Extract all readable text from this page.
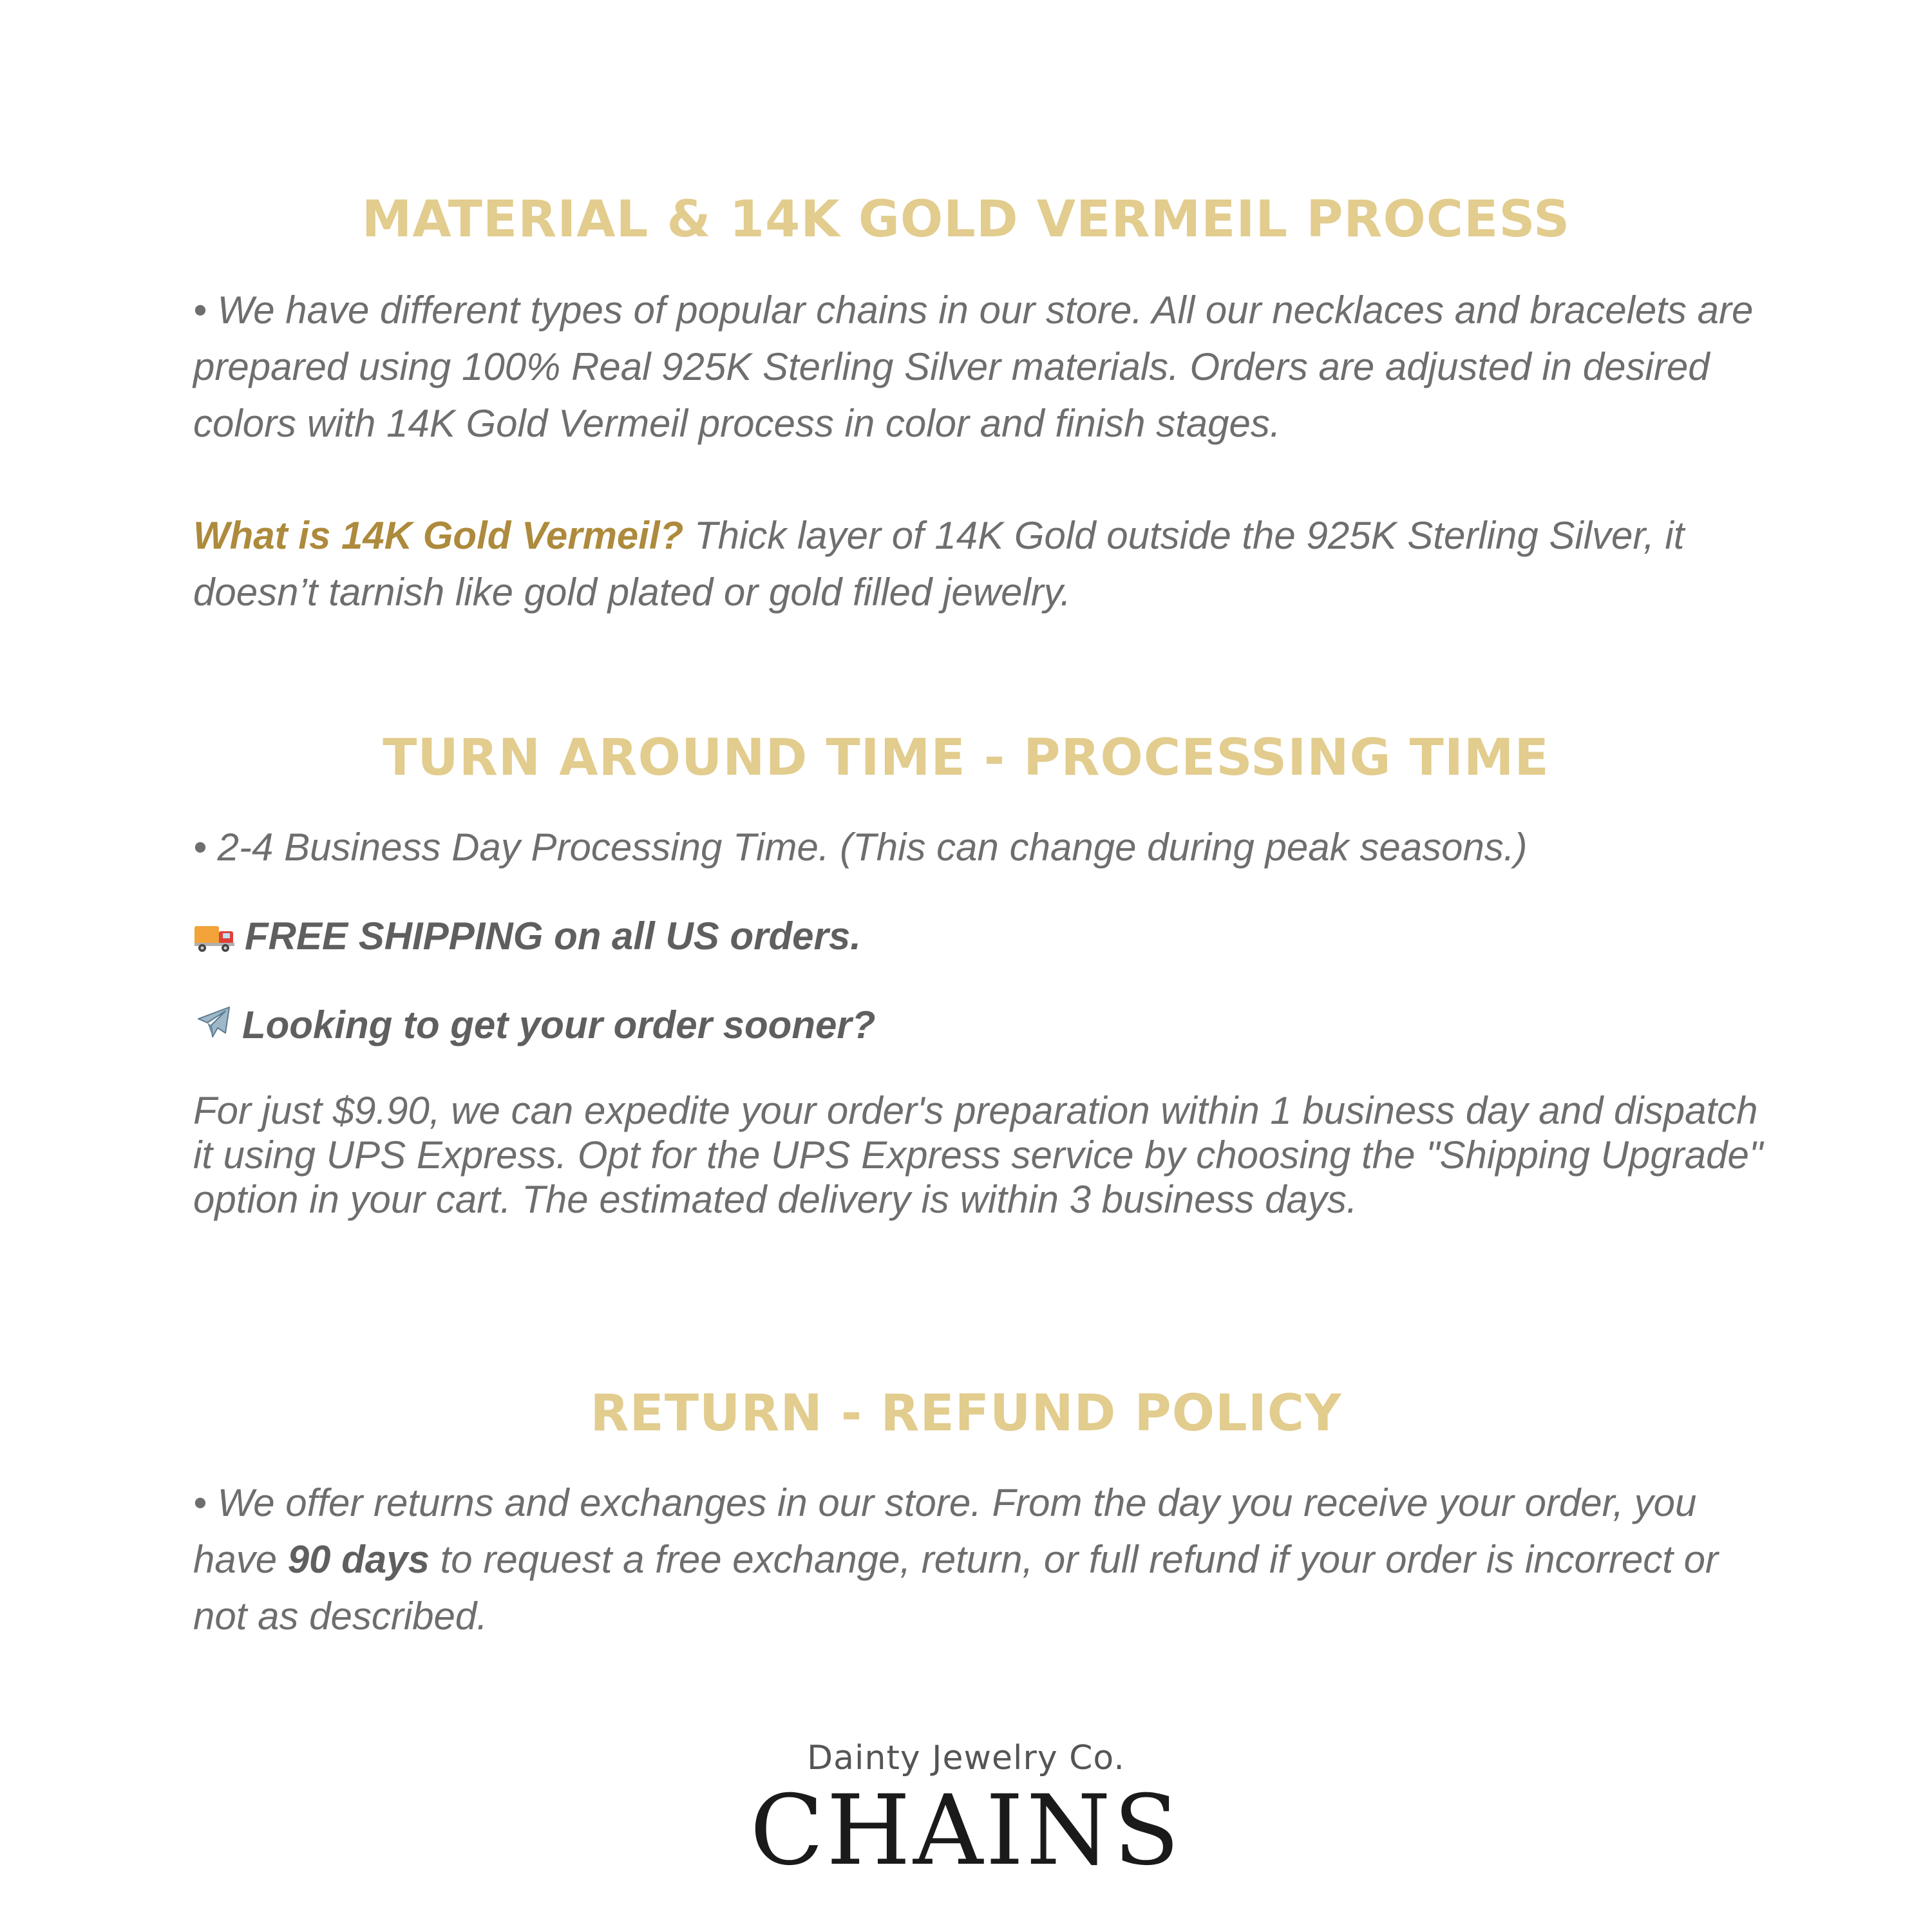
MATERIAL & 14K GOLD VERMEIL PROCESS

• We have different types of popular chains in our store. All our necklaces and bracelets are prepared using 100% Real 925K Sterling Silver materials. Orders are adjusted in desired colors with 14K Gold Vermeil process in color and finish stages.

What is 14K Gold Vermeil? Thick layer of 14K Gold outside the 925K Sterling Silver, it doesn’t tarnish like gold plated or gold filled jewelry.

TURN AROUND TIME - PROCESSING TIME

• 2-4 Business Day Processing Time. (This can change during peak seasons.)

FREE SHIPPING on all US orders.

Looking to get your order sooner?

For just $9.90, we can expedite your order's preparation within 1 business day and dispatch it using UPS Express. Opt for the UPS Express service by choosing the "Shipping Upgrade" option in your cart. The estimated delivery is within 3 business days.

RETURN - REFUND POLICY

• We offer returns and exchanges in our store. From the day you receive your order, you have 90 days to request a free exchange, return, or full refund if your order is incorrect or not as described.

Dainty Jewelry Co.
CHAINS
